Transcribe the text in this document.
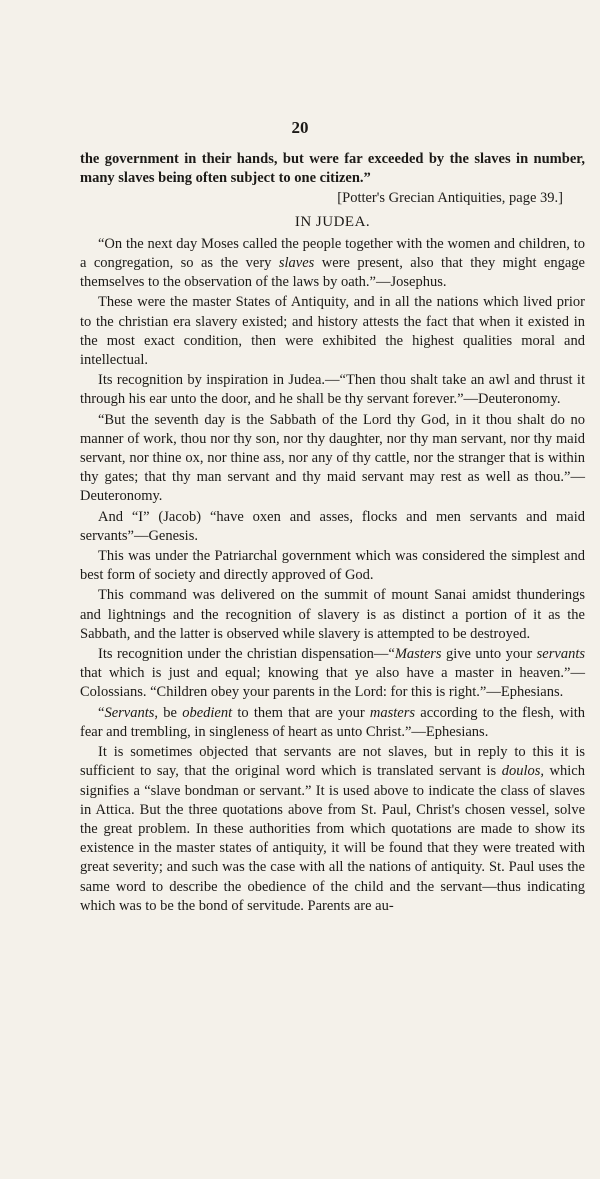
20

the government in their hands, but were far exceeded by the slaves in number, many slaves being often subject to one citizen.”

[Potter's Grecian Antiquities, page 39.]

IN JUDEA.

“On the next day Moses called the people together with the women and children, to a congregation, so as the very slaves were present, also that they might engage themselves to the observation of the laws by oath.”—Josephus.

These were the master States of Antiquity, and in all the nations which lived prior to the christian era slavery existed; and history attests the fact that when it existed in the most exact condition, then were exhibited the highest qualities moral and intellectual.

Its recognition by inspiration in Judea.—“Then thou shalt take an awl and thrust it through his ear unto the door, and he shall be thy servant forever.”—Deuteronomy.

“But the seventh day is the Sabbath of the Lord thy God, in it thou shalt do no manner of work, thou nor thy son, nor thy daughter, nor thy man servant, nor thy maid servant, nor thine ox, nor thine ass, nor any of thy cattle, nor the stranger that is within thy gates; that thy man servant and thy maid servant may rest as well as thou.”—Deuteronomy.

And “I” (Jacob) “have oxen and asses, flocks and men servants and maid servants”—Genesis.

This was under the Patriarchal government which was considered the simplest and best form of society and directly approved of God.

This command was delivered on the summit of mount Sanai amidst thunderings and lightnings and the recognition of slavery is as distinct a portion of it as the Sabbath, and the latter is observed while slavery is attempted to be destroyed.

Its recognition under the christian dispensation—“Masters give unto your servants that which is just and equal; knowing that ye also have a master in heaven.”—Colossians. “Children obey your parents in the Lord: for this is right.”—Ephesians.

“Servants, be obedient to them that are your masters according to the flesh, with fear and trembling, in singleness of heart as unto Christ.”—Ephesians.

It is sometimes objected that servants are not slaves, but in reply to this it is sufficient to say, that the original word which is translated servant is doulos, which signifies a “slave bondman or servant.” It is used above to indicate the class of slaves in Attica. But the three quotations above from St. Paul, Christ's chosen vessel, solve the great problem. In these authorities from which quotations are made to show its existence in the master states of antiquity, it will be found that they were treated with great severity; and such was the case with all the nations of antiquity. St. Paul uses the same word to describe the obedience of the child and the servant—thus indicating which was to be the bond of servitude. Parents are au-
